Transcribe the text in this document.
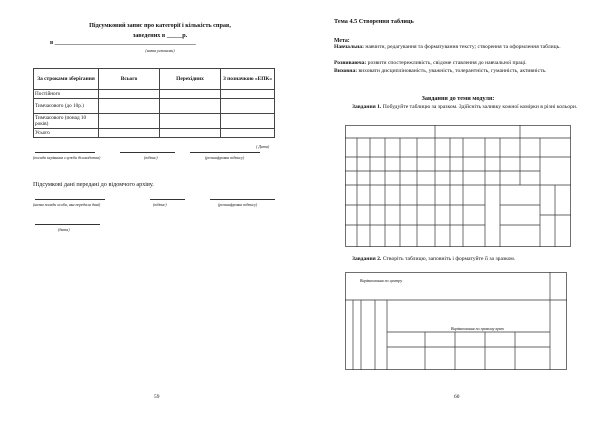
Підсумковий запис про категорії і кількість справ,
заведених в _____р.
в _______________________________________________
(назва установи)
За строками зберігання	Всього	Перехідних	З позначкою «ЕПК»
Постійного			
Тимчасового (до 10р.)			
Тимчасового (понад 10 років)			
Усього			
( Дата)
(посада керівника служби діловодства)	(підпис)	(розшифровка підпису)
Підсумкові дані передані до відомчого архіву.
(назва посади особи, яка передала дані)	(підпис)	(розшифровка підпису)
(дата)
59
Тема 4.5 Створення таблиць
Мета:
Навчальна: навчити, редагування та форматування тексту; створення та оформлення таблиць.
Розвиваюча: розвити спостережливість, свідоме ставлення до навчальної праці.
Виховна: виховати дисциплінованість, уважність, толерантність, гуманність, активність.
Завдання до теми модуля:
Завдання 1. Побудуйте таблицю за зразком. Здійсніть заливку кожної комірки в різні кольори.
Завдання 2. Створіть таблицю, заповніть і форматуйте її за зразком.
Вирівнювання по центру
Вирівнювання по правому краю
60
